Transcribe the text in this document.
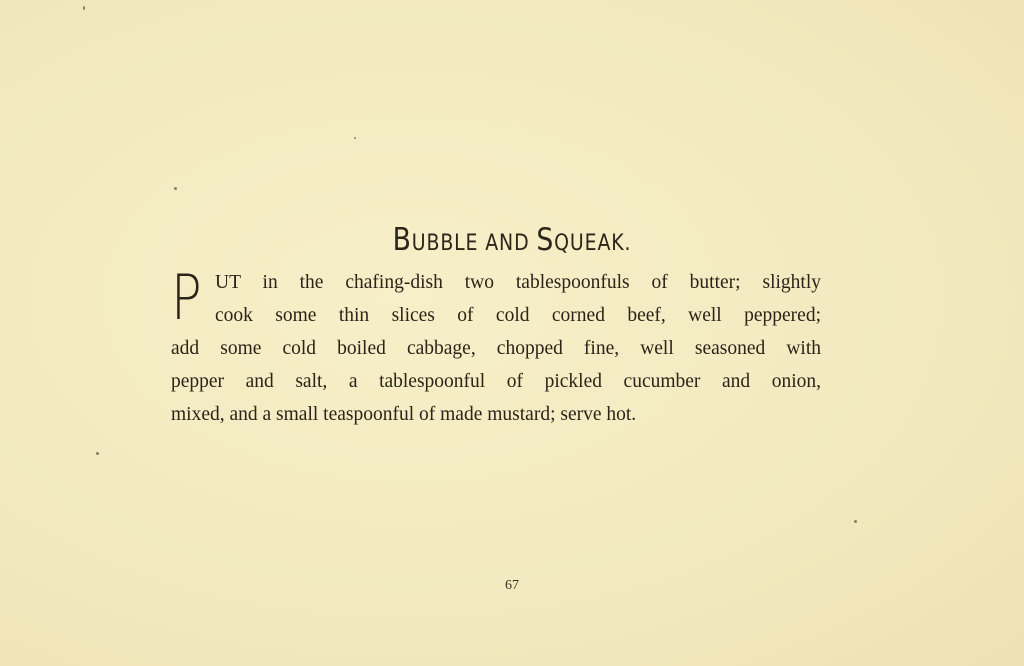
BUBBLE AND SQUEAK.
P UT in the chafing-dish two tablespoonfuls of butter; slightly
cook some thin slices of cold corned beef, well peppered;
add some cold boiled cabbage, chopped fine, well seasoned with
pepper and salt, a tablespoonful of pickled cucumber and onion,
mixed, and a small teaspoonful of made mustard; serve hot.
67
